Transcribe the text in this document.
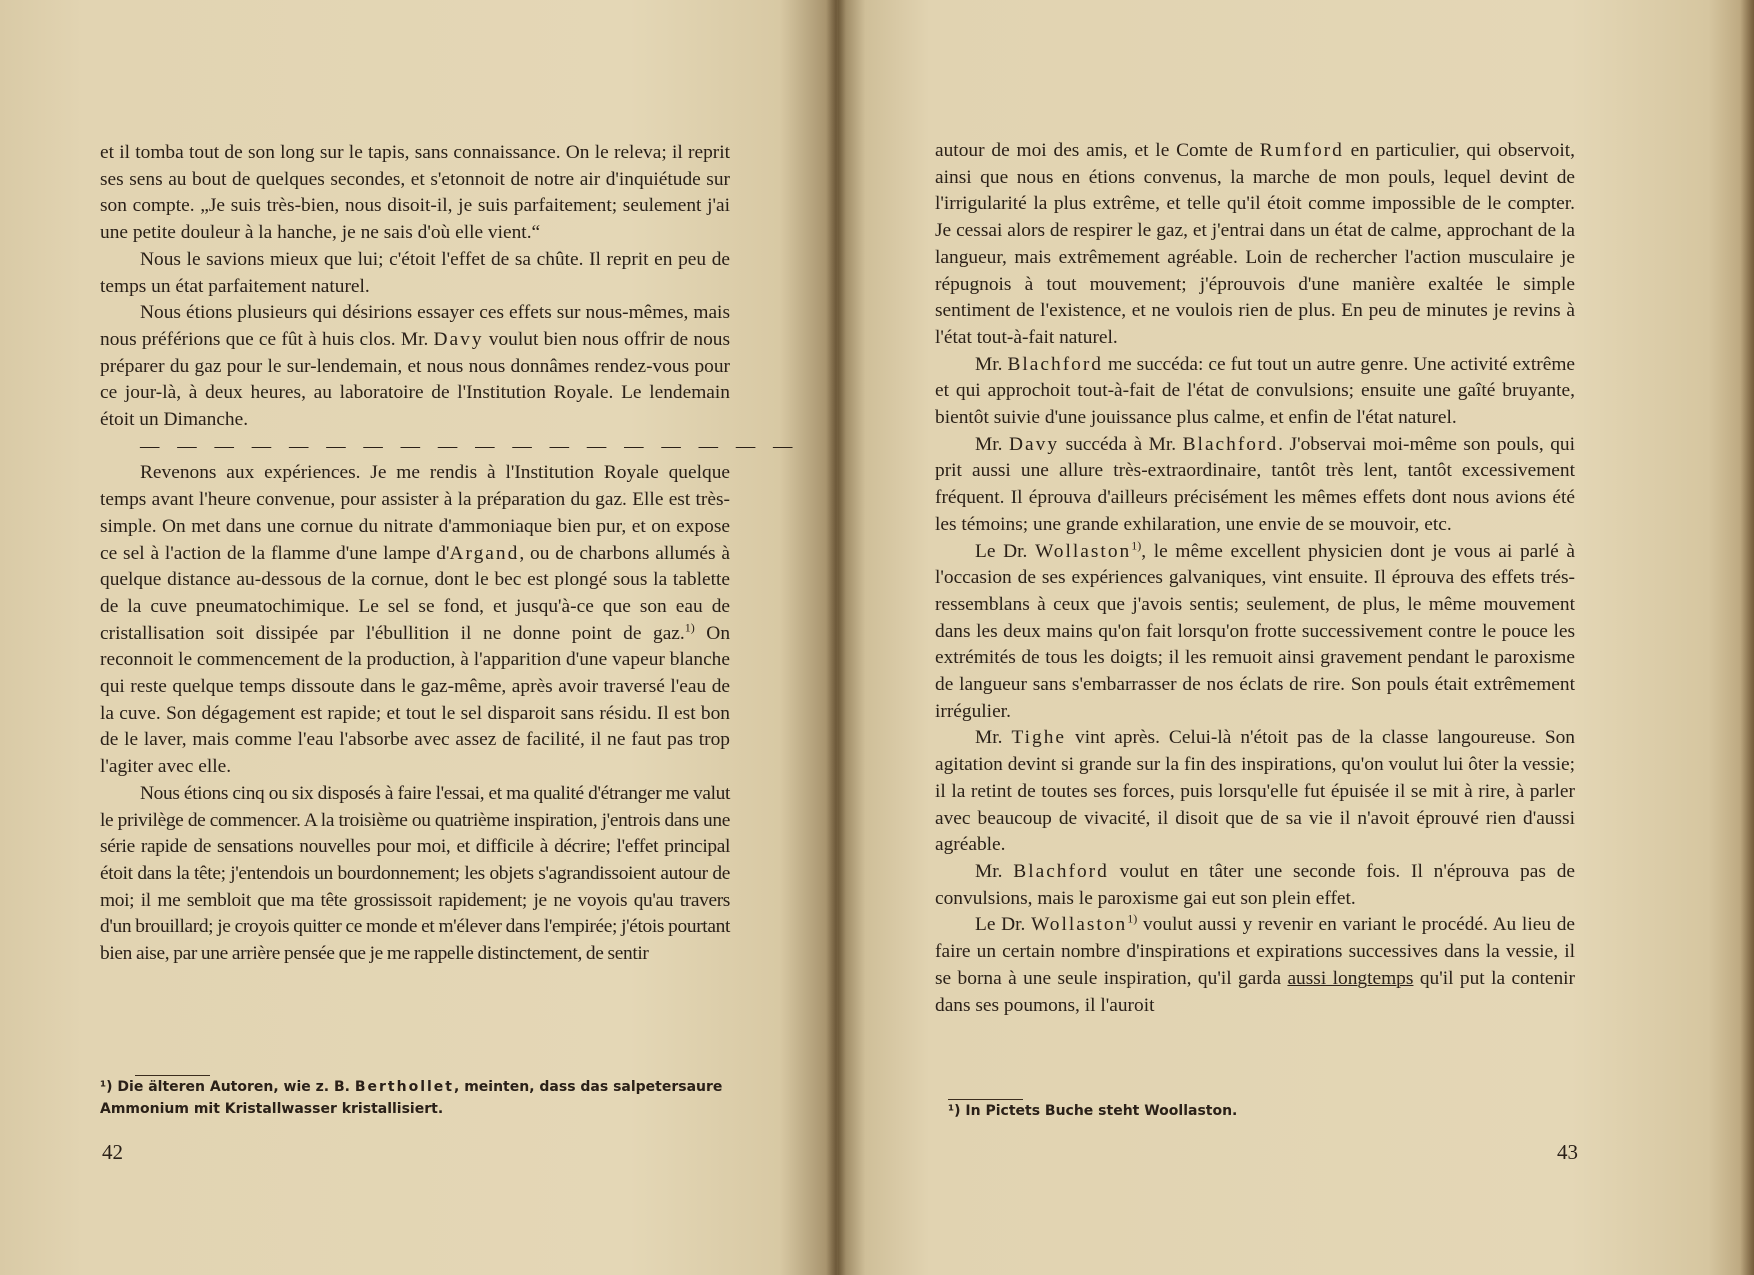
et il tomba tout de son long sur le tapis, sans connaissance. On le releva; il reprit ses sens au bout de quelques secondes, et s'etonnoit de notre air d'inquiétude sur son compte. „Je suis très-bien, nous disoit-il, je suis parfaitement; seulement j'ai une petite douleur à la hanche, je ne sais d'où elle vient.“

Nous le savions mieux que lui; c'étoit l'effet de sa chûte. Il reprit en peu de temps un état parfaitement naturel.

Nous étions plusieurs qui désirions essayer ces effets sur nous-mêmes, mais nous préférions que ce fût à huis clos. Mr. Davy voulut bien nous offrir de nous préparer du gaz pour le sur-lendemain, et nous nous donnâmes rendez-vous pour ce jour-là, à deux heures, au laboratoire de l'Institution Royale. Le lendemain étoit un Dimanche.

— — — — — — — — — — — — — — — — — —

Revenons aux expériences. Je me rendis à l'Institution Royale quelque temps avant l'heure convenue, pour assister à la préparation du gaz. Elle est très-simple. On met dans une cornue du nitrate d'ammoniaque bien pur, et on expose ce sel à l'action de la flamme d'une lampe d'Argand, ou de charbons allumés à quelque distance au-dessous de la cornue, dont le bec est plongé sous la tablette de la cuve pneumatochimique. Le sel se fond, et jusqu'à-ce que son eau de cristallisation soit dissipée par l'ébullition il ne donne point de gaz.$^{1)}$ On reconnoit le commencement de la production, à l'apparition d'une vapeur blanche qui reste quelque temps dissoute dans le gaz-même, après avoir traversé l'eau de la cuve. Son dégagement est rapide; et tout le sel disparoit sans résidu. Il est bon de le laver, mais comme l'eau l'absorbe avec assez de facilité, il ne faut pas trop l'agiter avec elle.

Nous étions cinq ou six disposés à faire l'essai, et ma qualité d'étranger me valut le privilège de commencer. A la troisième ou quatrième inspiration, j'entrois dans une série rapide de sensations nouvelles pour moi, et difficile à décrire; l'effet principal étoit dans la tête; j'entendois un bourdonnement; les objets s'agrandissoient autour de moi; il me sembloit que ma tête grossissoit rapidement; je ne voyois qu'au travers d'un brouillard; je croyois quitter ce monde et m'élever dans l'empirée; j'étois pourtant bien aise, par une arrière pensée que je me rappelle distinctement, de sentir

¹) Die älteren Autoren, wie z. B. Berthollet, meinten, dass das salpetersaure Ammonium mit Kristallwasser kristallisiert.
42

autour de moi des amis, et le Comte de Rumford en particulier, qui observoit, ainsi que nous en étions convenus, la marche de mon pouls, lequel devint de l'irrigularité la plus extrême, et telle qu'il étoit comme impossible de le compter. Je cessai alors de respirer le gaz, et j'entrai dans un état de calme, approchant de la langueur, mais extrêmement agréable. Loin de rechercher l'action musculaire je répugnois à tout mouvement; j'éprouvois d'une manière exaltée le simple sentiment de l'existence, et ne voulois rien de plus. En peu de minutes je revins à l'état tout-à-fait naturel.

Mr. Blachford me succéda: ce fut tout un autre genre. Une activité extrême et qui approchoit tout-à-fait de l'état de convulsions; ensuite une gaîté bruyante, bientôt suivie d'une jouissance plus calme, et enfin de l'état naturel.

Mr. Davy succéda à Mr. Blachford. J'observai moi-même son pouls, qui prit aussi une allure très-extraordinaire, tantôt très lent, tantôt excessivement fréquent. Il éprouva d'ailleurs précisément les mêmes effets dont nous avions été les témoins; une grande exhilaration, une envie de se mouvoir, etc.

Le Dr. Wollaston$^{1)}$, le même excellent physicien dont je vous ai parlé à l'occasion de ses expériences galvaniques, vint ensuite. Il éprouva des effets trés-ressemblans à ceux que j'avois sentis; seulement, de plus, le même mouvement dans les deux mains qu'on fait lorsqu'on frotte successivement contre le pouce les extrémités de tous les doigts; il les remuoit ainsi gravement pendant le paroxisme de langueur sans s'embarrasser de nos éclats de rire. Son pouls était extrêmement irrégulier.

Mr. Tighe vint après. Celui-là n'étoit pas de la classe langoureuse. Son agitation devint si grande sur la fin des inspirations, qu'on voulut lui ôter la vessie; il la retint de toutes ses forces, puis lorsqu'elle fut épuisée il se mit à rire, à parler avec beaucoup de vivacité, il disoit que de sa vie il n'avoit éprouvé rien d'aussi agréable.

Mr. Blachford voulut en tâter une seconde fois. Il n'éprouva pas de convulsions, mais le paroxisme gai eut son plein effet.

Le Dr. Wollaston$^{1)}$ voulut aussi y revenir en variant le procédé. Au lieu de faire un certain nombre d'inspirations et expirations successives dans la vessie, il se borna à une seule inspiration, qu'il garda aussi longtemps qu'il put la contenir dans ses poumons, il l'auroit

¹) In Pictets Buche steht Woollaston.
43
